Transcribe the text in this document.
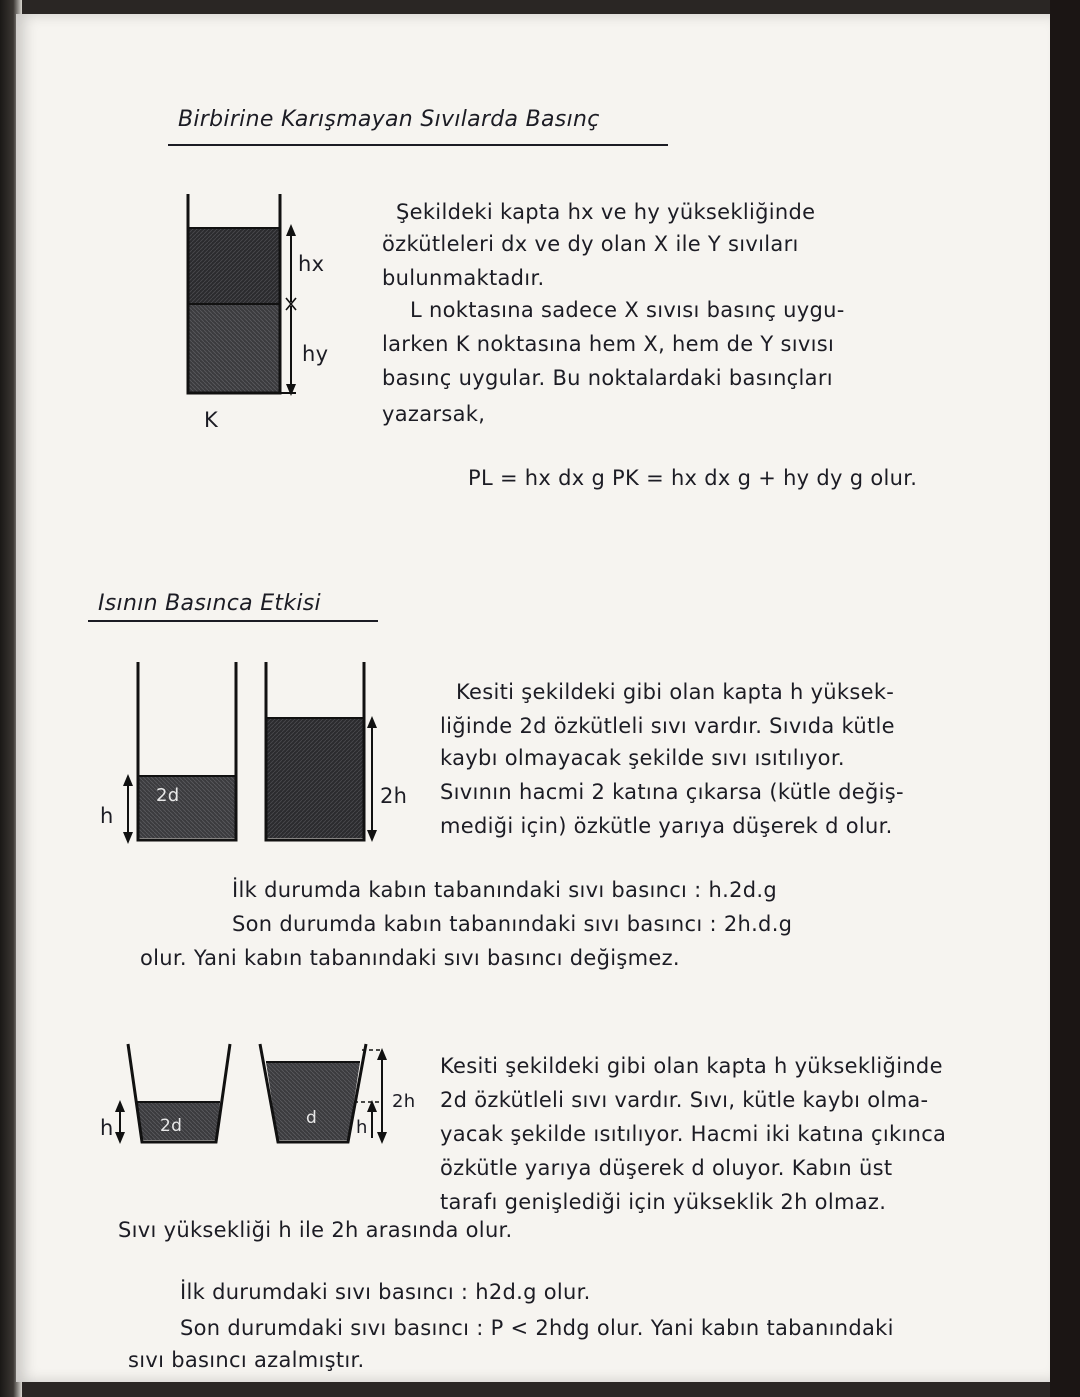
Birbirine Karışmayan Sıvılarda Basınç
hx
hy
K
Şekildeki kapta hx ve hy yüksekliğinde
özkütleleri dx ve dy olan X ile Y sıvıları
bulunmaktadır.
L noktasına sadece X sıvısı basınç uygu-
larken K noktasına hem X, hem de Y sıvısı
basınç uygular. Bu noktalardaki basınçları
yazarsak,
PL = hx dx g PK = hx dx g + hy dy g olur.
Isının Basınca Etkisi
h
2d	2h
Kesiti şekildeki gibi olan kapta h yüksek-
liğinde 2d özkütleli sıvı vardır. Sıvıda kütle
kaybı olmayacak şekilde sıvı ısıtılıyor.
Sıvının hacmi 2 katına çıkarsa (kütle değiş-
mediği için) özkütle yarıya düşerek d olur.
İlk durumda kabın tabanındaki sıvı basıncı : h.2d.g
Son durumda kabın tabanındaki sıvı basıncı : 2h.d.g
olur. Yani kabın tabanındaki sıvı basıncı değişmez.
h	2d	d
2h
h
Kesiti şekildeki gibi olan kapta h yüksekliğinde
2d özkütleli sıvı vardır. Sıvı, kütle kaybı olma-
yacak şekilde ısıtılıyor. Hacmi iki katına çıkınca
özkütle yarıya düşerek d oluyor. Kabın üst
tarafı genişlediği için yükseklik 2h olmaz.
Sıvı yüksekliği h ile 2h arasında olur.
İlk durumdaki sıvı basıncı : h2d.g olur.
Son durumdaki sıvı basıncı : P < 2hdg olur. Yani kabın tabanındaki
sıvı basıncı azalmıştır.
